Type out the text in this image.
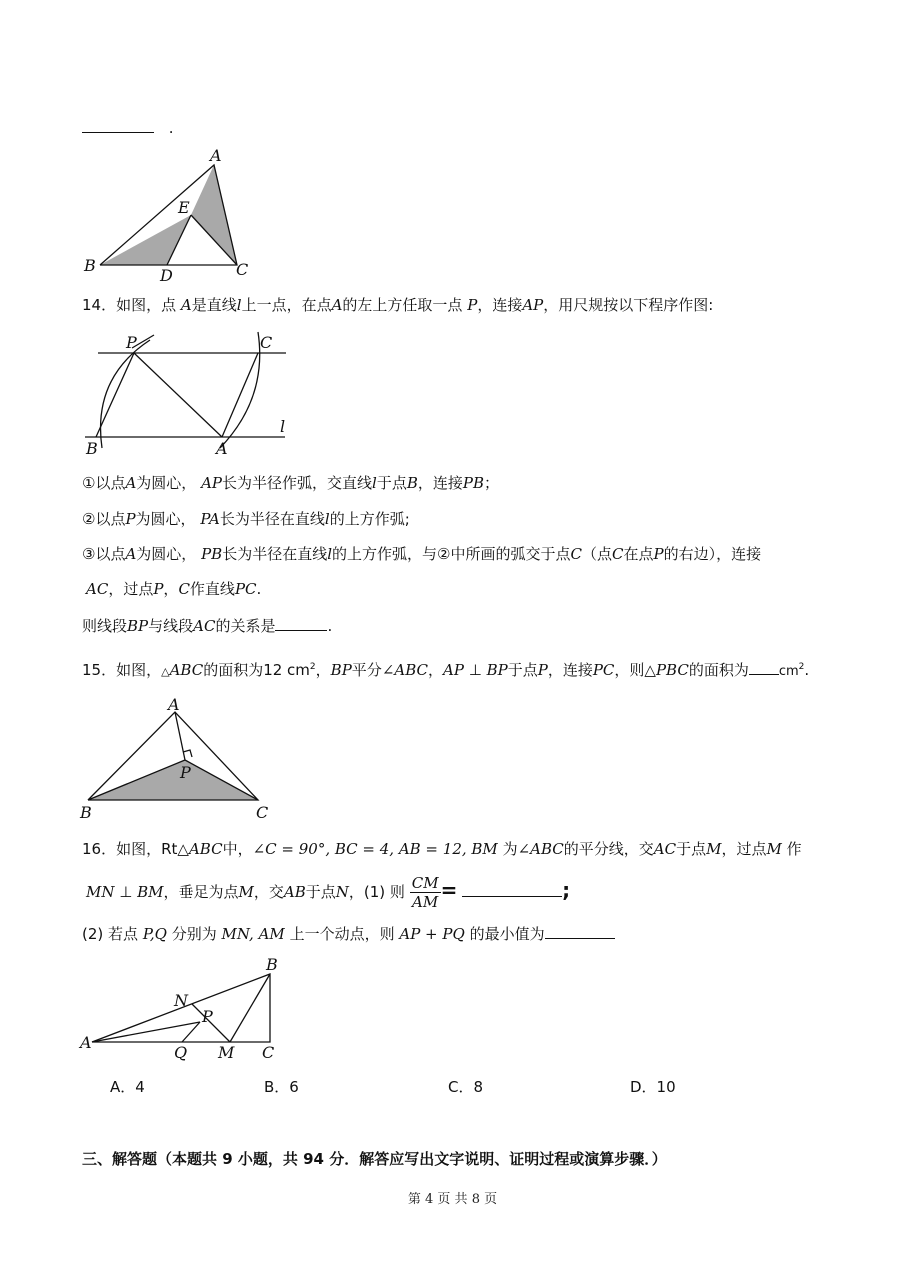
.
A
E
B
D	C
14．如图，点 A是直线l上一点，在点A的左上方任取一点 P，连接AP，用尺规按以下程序作图:
P	C
B	A
l
①以点A为圆心， AP长为半径作弧，交直线l于点B，连接PB；
②以点P为圆心， PA长为半径在直线l的上方作弧;
③以点A为圆心， PB长为半径在直线l的上方作弧，与②中所画的弧交于点C（点C在点P的右边），连接
AC，过点P，C作直线PC.
则线段BP与线段AC的关系是	.
15．如图，△ABC的面积为12 $cm^2$，BP平分∠ABC，AP ⊥ BP于点P，连接PC，则△PBC的面积为 $cm^2$.
A
P
B	C
16．如图，Rt△ABC中，∠C = 90°, BC = 4, AB = 12, BM 为∠ABC的平分线，交AC于点M，过点M 作
MN ⊥ BM，垂足为点M，交AB于点N，(1) 则 $\frac{CM}{AM}$ =	;
(2) 若点 P,Q 分别为 MN, AM 上一个动点，则 AP + PQ 的最小值为
B
N
P
A
Q M C
A．4	B．6	C．8	D．10
三、解答题（本题共 9 小题，共 94 分．解答应写出文字说明、证明过程或演算步骤．）
第 4 页 共 8 页
